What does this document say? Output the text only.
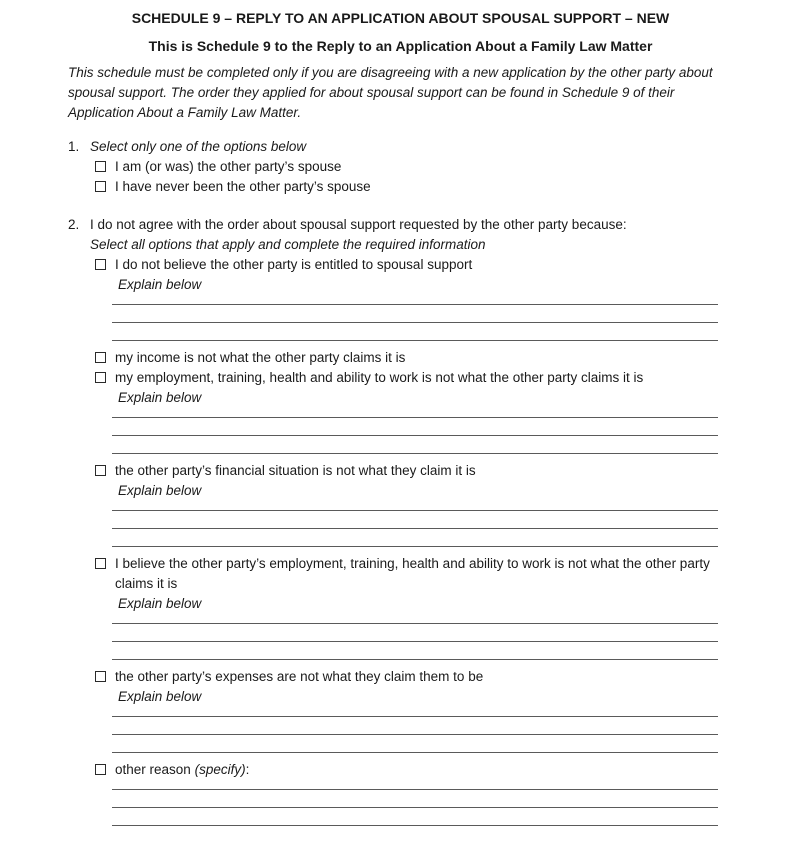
SCHEDULE 9 – REPLY TO AN APPLICATION ABOUT SPOUSAL SUPPORT – NEW
This is Schedule 9 to the Reply to an Application About a Family Law Matter
This schedule must be completed only if you are disagreeing with a new application by the other party about spousal support. The order they applied for about spousal support can be found in Schedule 9 of their Application About a Family Law Matter.
1. Select only one of the options below
I am (or was) the other party’s spouse
I have never been the other party’s spouse
2. I do not agree with the order about spousal support requested by the other party because:
Select all options that apply and complete the required information
I do not believe the other party is entitled to spousal support
Explain below
my income is not what the other party claims it is
my employment, training, health and ability to work is not what the other party claims it is
Explain below
the other party’s financial situation is not what they claim it is
Explain below
I believe the other party’s employment, training, health and ability to work is not what the other party claims it is
Explain below
the other party’s expenses are not what they claim them to be
Explain below
other reason (specify):
